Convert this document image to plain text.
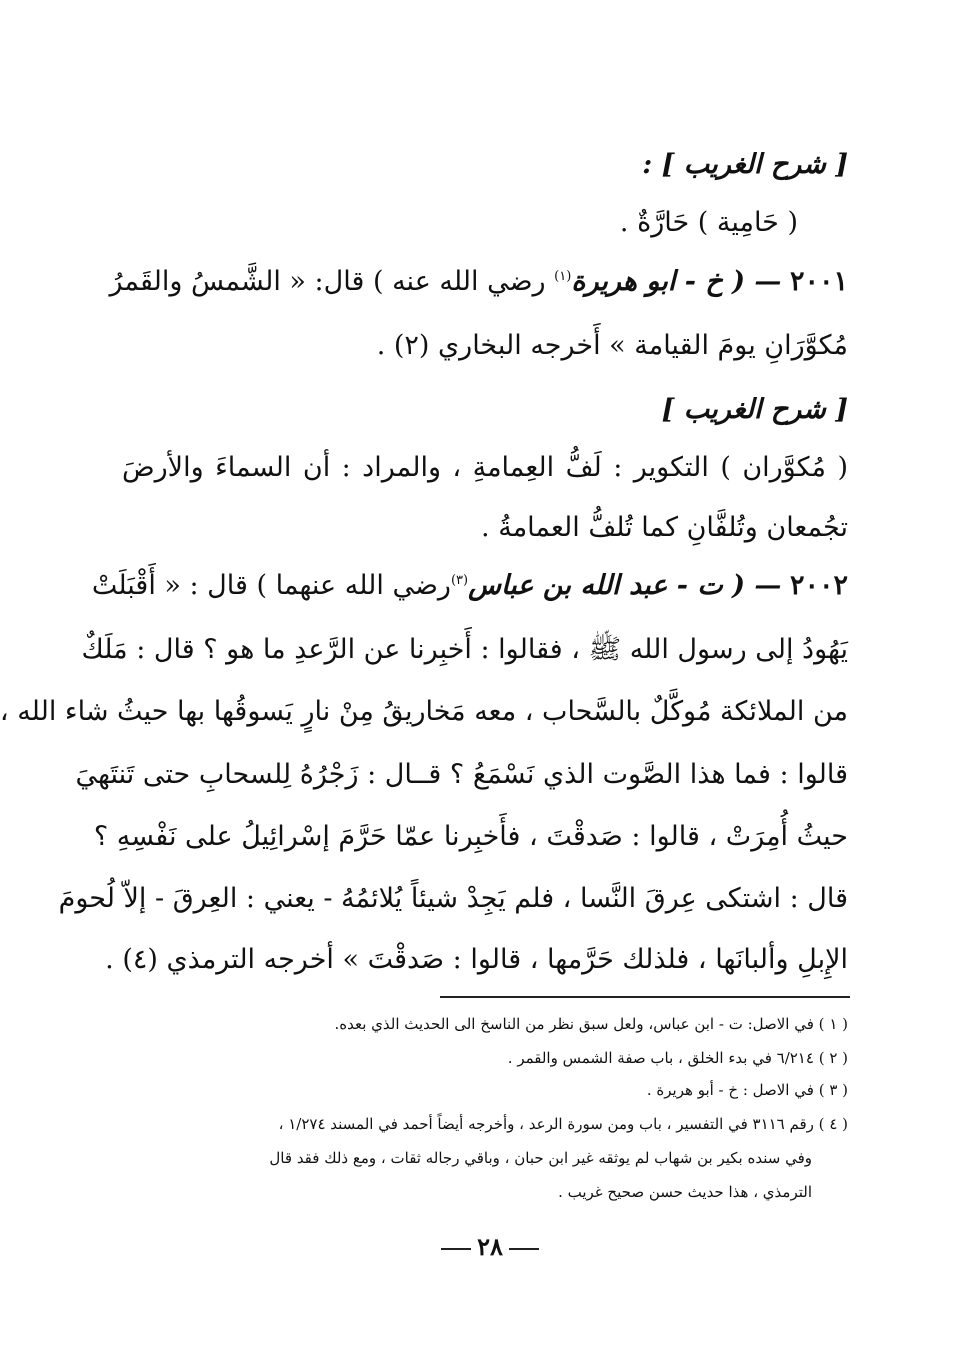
[ شرح الغريب ] :
( حَامِية ) حَارَّةٌ .
٢٠٠١ — ( خ - ابو هريرة$^{(١)}$ رضي الله عنه ) قال: « الشَّمسُ والقَمرُ
مُكوَّرَانِ يومَ القيامة » أَخرجه البخاري (٢) .
[ شرح الغريب ]
( مُكوَّران ) التكوير : لَفُّ العِمامةِ ، والمراد : أن السماءَ والأرضَ
تجُمعان وتُلفَّانِ كما تُلفُّ العمامةُ .
٢٠٠٢ — ( ت - عبد الله بن عباس$^{(٣)}$رضي الله عنهما ) قال : « أَقْبَلَتْ
يَهُودُ إلى رسول الله ﷺ ، فقالوا : أَخبِرنا عن الرَّعدِ ما هو ؟ قال : مَلَكٌ
من الملائكة مُوكَّلٌ بالسَّحاب ، معه مَخاريقُ مِنْ نارٍ يَسوقُها بها حيثُ شاء الله ،
قالوا : فما هذا الصَّوت الذي نَسْمَعُ ؟ قــال : زَجْرُهُ لِلسحابِ حتى تَنتَهيَ
حيثُ أُمِرَتْ ، قالوا : صَدقْتَ ، فأَخبِرنا عمّا حَرَّمَ إسْرائِيلُ على نَفْسِهِ ؟
قال : اشتكى عِرقَ النَّسا ، فلم يَجِدْ شيئاً يُلائمُهُ - يعني : العِرقَ - إلاّ لُحومَ
الإِبلِ وألبانَها ، فلذلك حَرَّمها ، قالوا : صَدقْتَ » أخرجه الترمذي (٤) .
( ١ ) في الاصل: ت - ابن عباس، ولعل سبق نظر من الناسخ الى الحديث الذي بعده.
( ٢ ) ٦/٢١٤ في بدء الخلق ، باب صفة الشمس والقمر .
( ٣ ) في الاصل : خ - أبو هريرة .
( ٤ ) رقم ٣١١٦ في التفسير ، باب ومن سورة الرعد ، وأخرجه أيضاً أحمد في المسند ١/٢٧٤ ،
وفي سنده بكير بن شهاب لم يوثقه غير ابن حبان ، وباقي رجاله ثقات ، ومع ذلك فقد قال
الترمذي ، هذا حديث حسن صحيح غريب .
٢٨
